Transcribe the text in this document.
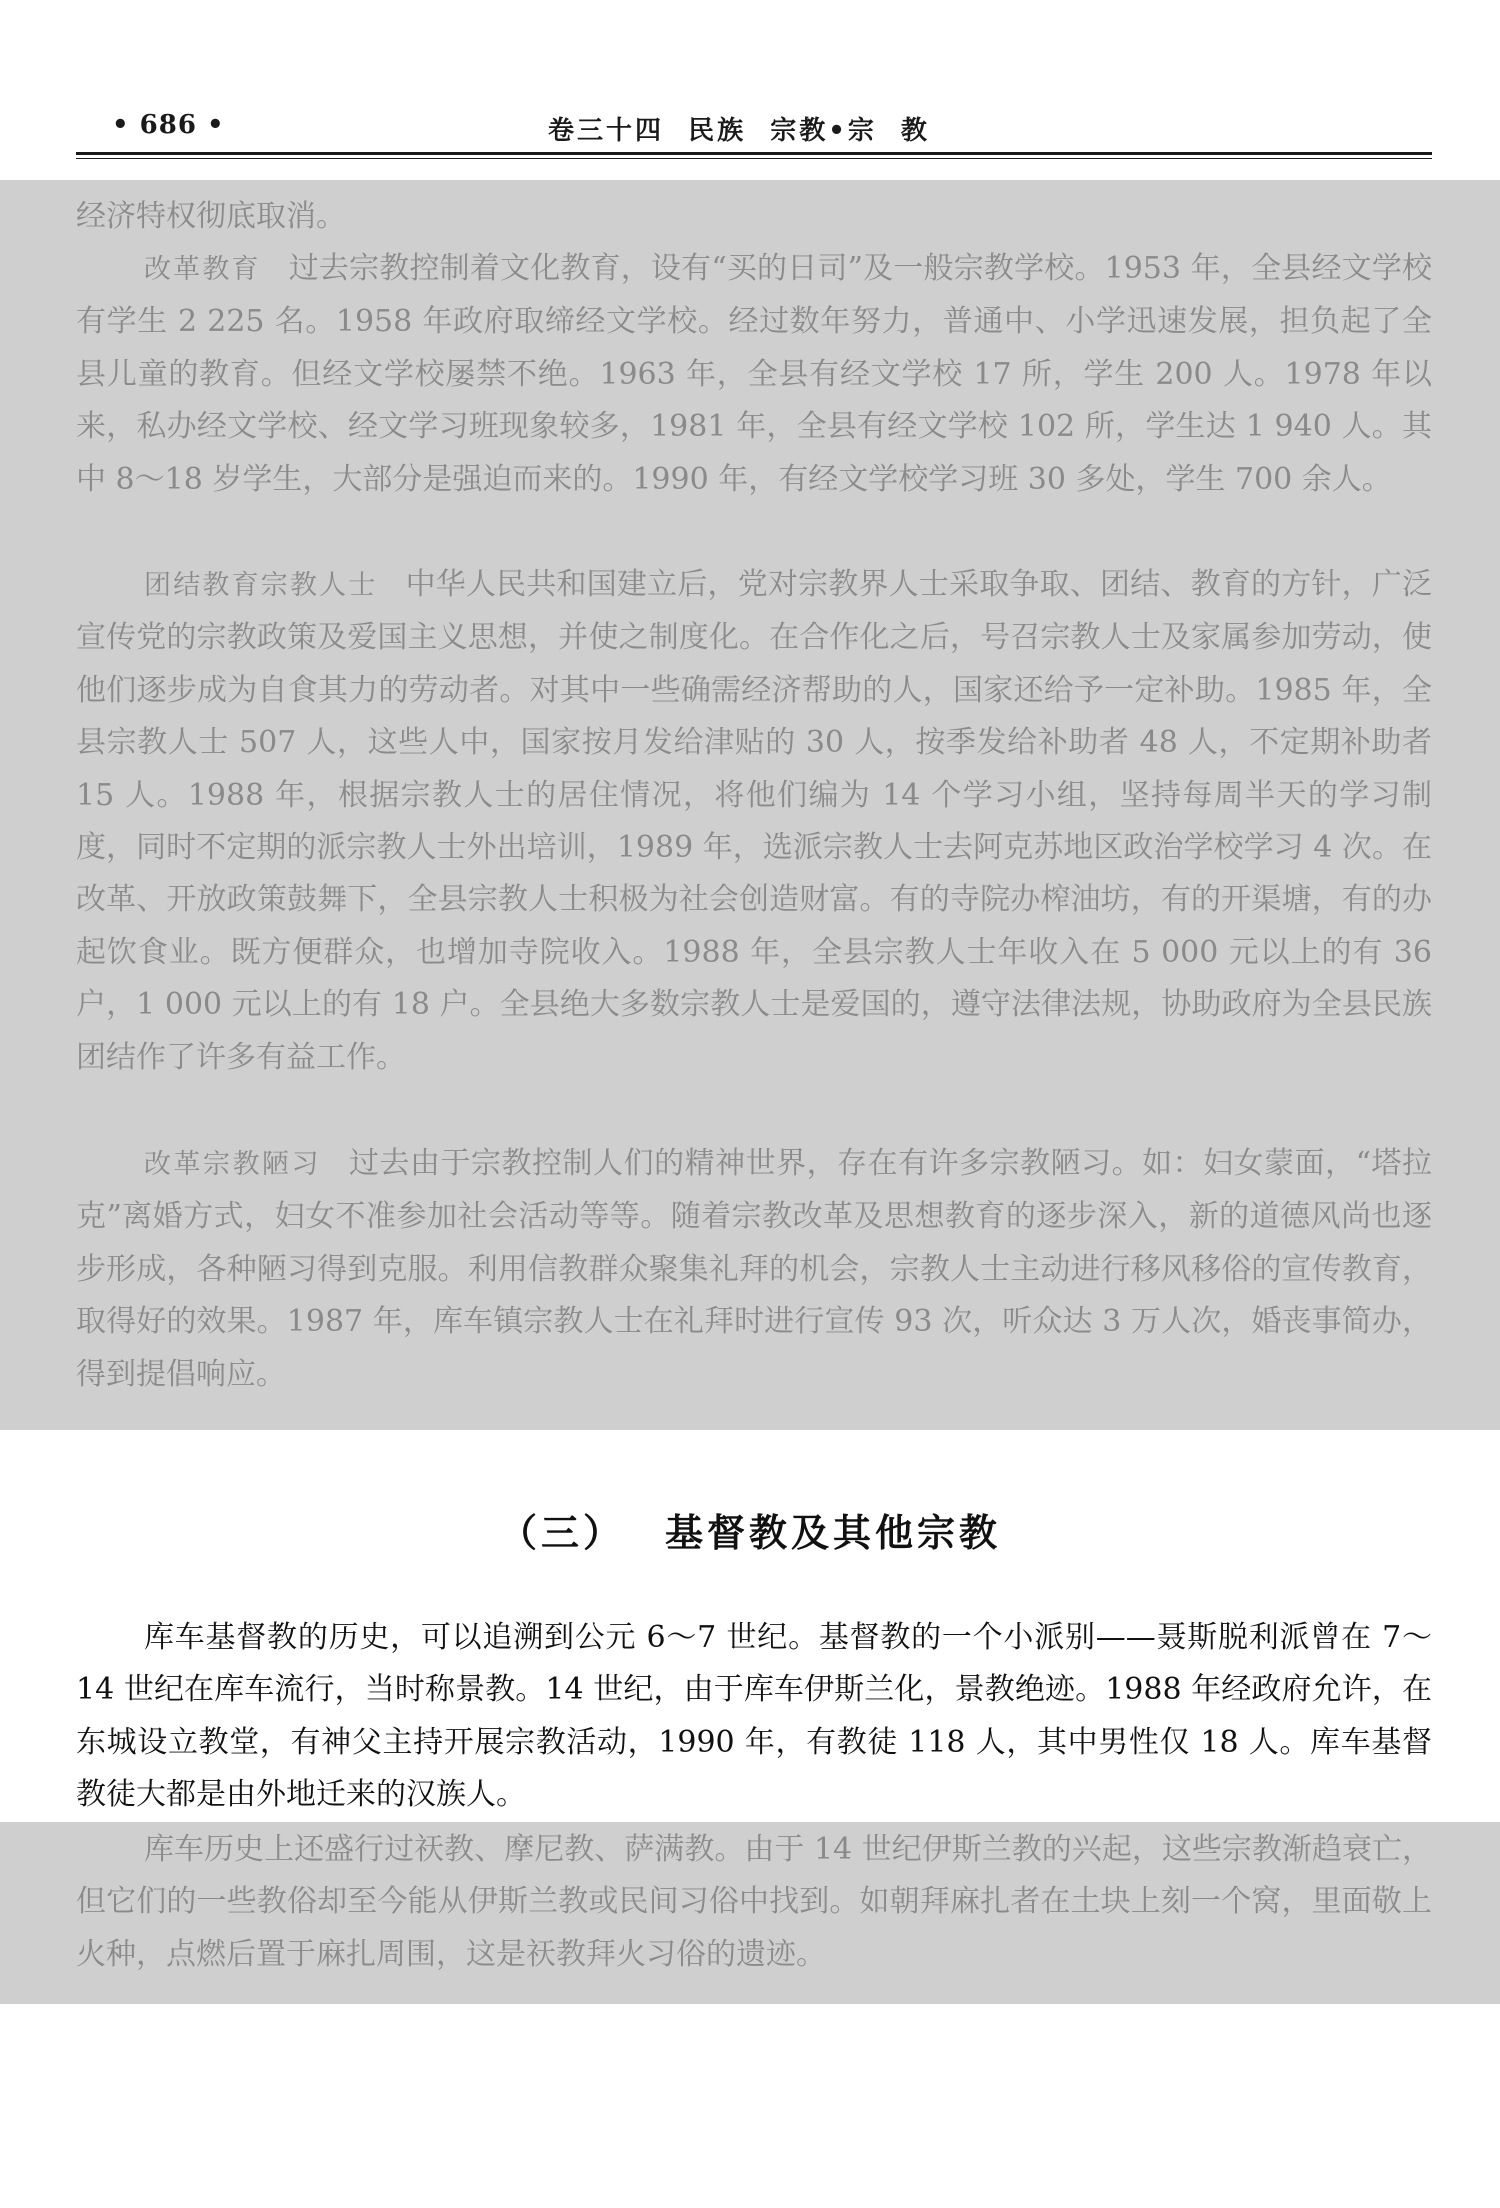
• 686 •	卷三十四  民族  宗教•宗  教

经济特权彻底取消。

改革教育 过去宗教控制着文化教育，设有“买的日司”及一般宗教学校。1953 年，全县经文学校有学生 2 225 名。1958 年政府取缔经文学校。经过数年努力，普通中、小学迅速发展，担负起了全县儿童的教育。但经文学校屡禁不绝。1963 年，全县有经文学校 17 所，学生 200 人。1978 年以来，私办经文学校、经文学习班现象较多，1981 年，全县有经文学校 102 所，学生达 1 940 人。其中 8～18 岁学生，大部分是强迫而来的。1990 年，有经文学校学习班 30 多处，学生 700 余人。

团结教育宗教人士 中华人民共和国建立后，党对宗教界人士采取争取、团结、教育的方针，广泛宣传党的宗教政策及爱国主义思想，并使之制度化。在合作化之后，号召宗教人士及家属参加劳动，使他们逐步成为自食其力的劳动者。对其中一些确需经济帮助的人，国家还给予一定补助。1985 年，全县宗教人士 507 人，这些人中，国家按月发给津贴的 30 人，按季发给补助者 48 人，不定期补助者 15 人。1988 年，根据宗教人士的居住情况，将他们编为 14 个学习小组，坚持每周半天的学习制度，同时不定期的派宗教人士外出培训，1989 年，选派宗教人士去阿克苏地区政治学校学习 4 次。在改革、开放政策鼓舞下，全县宗教人士积极为社会创造财富。有的寺院办榨油坊，有的开渠塘，有的办起饮食业。既方便群众，也增加寺院收入。1988 年，全县宗教人士年收入在 5 000 元以上的有 36 户，1 000 元以上的有 18 户。全县绝大多数宗教人士是爱国的，遵守法律法规，协助政府为全县民族团结作了许多有益工作。

改革宗教陋习 过去由于宗教控制人们的精神世界，存在有许多宗教陋习。如：妇女蒙面，“塔拉克”离婚方式，妇女不准参加社会活动等等。随着宗教改革及思想教育的逐步深入，新的道德风尚也逐步形成，各种陋习得到克服。利用信教群众聚集礼拜的机会，宗教人士主动进行移风移俗的宣传教育，取得好的效果。1987 年，库车镇宗教人士在礼拜时进行宣传 93 次，听众达 3 万人次，婚丧事简办，得到提倡响应。

（三） 基督教及其他宗教

库车基督教的历史，可以追溯到公元 6～7 世纪。基督教的一个小派别——聂斯脱利派曾在 7～14 世纪在库车流行，当时称景教。14 世纪，由于库车伊斯兰化，景教绝迹。1988 年经政府允许，在东城设立教堂，有神父主持开展宗教活动，1990 年，有教徒 118 人，其中男性仅 18 人。库车基督教徒大都是由外地迁来的汉族人。

库车历史上还盛行过祆教、摩尼教、萨满教。由于 14 世纪伊斯兰教的兴起，这些宗教渐趋衰亡，但它们的一些教俗却至今能从伊斯兰教或民间习俗中找到。如朝拜麻扎者在土块上刻一个窝，里面敬上火种，点燃后置于麻扎周围，这是祆教拜火习俗的遗迹。
